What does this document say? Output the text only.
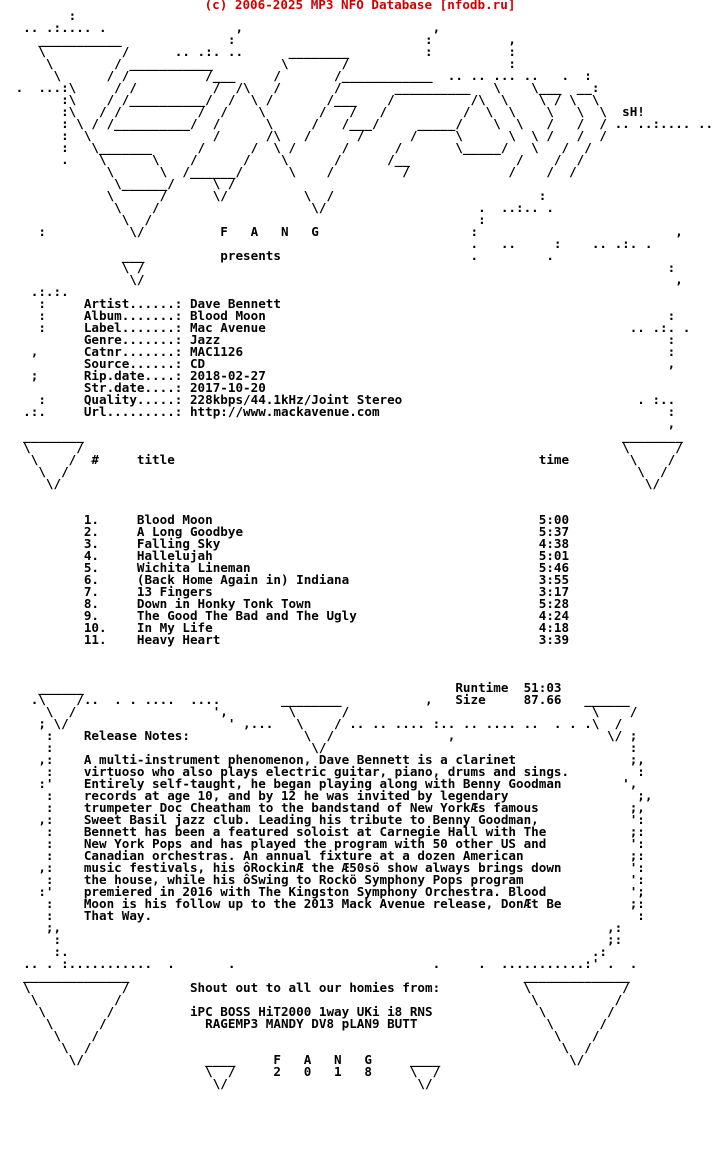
(c) 2006-2025 MP3 NFO Database [nfodb.ru]
:
.. .:.... .                 ,                         ,
___________              :                         :          ,
\          /      .. .:. ..      ________          :          :
\        / ___________         \       /                     :
\      / /          /___     /       /____________  .. .. ... ..   .  :
.  ...:\     / /          /  /\   /       /       __________   \    \___  __:
:\    / /__________/  /  \ /       /___    /          /\  \    \ / \  \
:\   / /          /  /    \       /   /   /          /  \  \    \   \  \  sH!
: \ / /__________/  /      \     /   /___/     _____/    \  \   /   /  / .. ..:.... ..
:  \                /      /\   /      /      /     \      \  \ /   /  /
:   \_______      /      /  \ /      /      /       \_____/   \   /  /
.    \      \    /      /    \      /      /__              /    /  /
\      \  /______/      \    /         /             /    /  /
\______/     \ /
\      /      \/          \  /                           :
\    /                    \/                    .  ..:.. .
\  /                                           :
:           \/          F   A   N   G                    :                          ,
.   ..     :    .. .:. .
___          presents                         .         .
\ /                                                                     :
\/                                                                      ,
.:.:.
:     Artist......: Dave Bennett
:     Album.......: Blood Moon                                                     :
:     Label.......: Mac Avenue                                                .. .:. .
Genre.......: Jazz                                                           :
,      Catnr.......: MAC1126                                                        :
Source......: CD                                                             ,
;      Rip.date....: 2018-02-27
Str.date....: 2017-10-20
:     Quality.....: 228kbps/44.1kHz/Joint Stereo                               . :..
.:.     Url.........: http://www.mackavenue.com                                      :
,
________                                                                       ________
\      /                                                                       \      /
\    /  #     title                                                time        \    /
\  /                                                                           \  /
\/                                                                             \/

1.     Blood Moon                                           5:00
2.     A Long Goodbye                                       5:37
3.     Falling Sky                                          4:38
4.     Hallelujah                                           5:01
5.     Wichita Lineman                                      5:46
6.     (Back Home Again in) Indiana                         3:55
7.     13 Fingers                                           3:17
8.     Down in Honky Tonk Town                              5:28
9.     The Good The Bad and The Ugly                        4:24
10.    In My Life                                           4:18
11.    Heavy Heart                                          3:39

______                                                 Runtime  51:03
.\    /..  . . ....  ....        ________           ,   Size     87.66   ______
\  /                  ',        \      /                                \    /
; \/                     ' ,...   \    / .. .. .... :.. .. .... ..  . . .\  /
:    Release Notes:               \  /               ,                    \/ ;
:                                  \/                                        :
,:    A multi-instrument phenomenon, Dave Bennett is a clarinet               ;,
:    virtuoso who also plays electric guitar, piano, drums and sings.         :
:'    Entirely self-taught, he began playing along with Benny Goodman        ',
:    records at age 10, and by 12 he was invited by legendary                 ;,
:    trumpeter Doc Cheatham to the bandstand of New YorkÆs famous            ;,
,:    Sweet Basil jazz club. Leading his tribute to Benny Goodman,            ':
:    Bennett has been a featured soloist at Carnegie Hall with The           ;:
:    New York Pops and has played the program with 50 other US and           ':
:    Canadian orchestras. An annual fixture at a dozen American              ;:
,:    music festivals, his ôRockinÆ the Æ50sö show always brings down         ':
:    the house, while his ôSwing to Rockö Symphony Pops program              ':
:'    premiered in 2016 with The Kingston Symphony Orchestra. Blood           ';
:    Moon is his follow up to the 2013 Mack Avenue release, DonÆt Be         ;:
:    That Way.                                                                :
;,                                                                        ,:
:                                                                        ;:
:.                                                                     .:
.. . :...........  .       .                          .     .  ...........:' .  .
______________                                                    ______________
\            /        Shout out to all our homies from:           \            /
\          /                                                      \          /
\        /          iPC BOSS HiT2000 1way UKi i8 RNS              \        /
\      /             RAGEMP3 MANDY DV8 pLAN9 BUTT                 \      /
\    /                                                            \    /
\  /                                                              \  /
\/                ____     F   A   N   G     ____                 \/
\  /     2   0   1   8     \  /
\/                         \/
